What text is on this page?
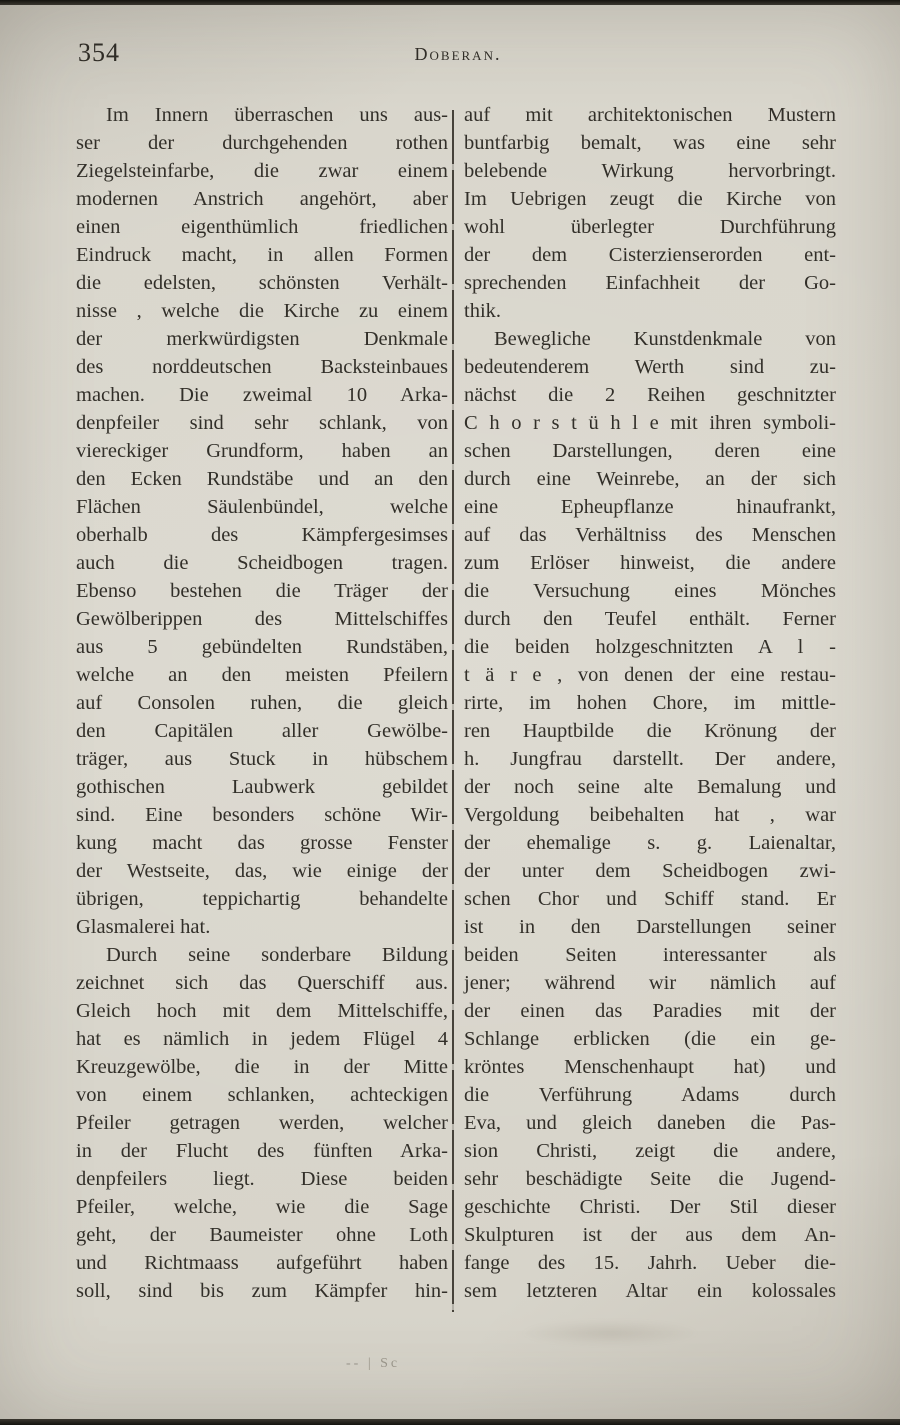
354	Doberan.
Im Innern überraschen uns aus-
ser der durchgehenden rothen
Ziegelsteinfarbe, die zwar einem
modernen Anstrich angehört, aber
einen eigenthümlich friedlichen
Eindruck macht, in allen Formen
die edelsten, schönsten Verhält-
nisse , welche die Kirche zu einem
der merkwürdigsten Denkmale
des norddeutschen Backsteinbaues
machen. Die zweimal 10 Arka-
denpfeiler sind sehr schlank, von
viereckiger Grundform, haben an
den Ecken Rundstäbe und an den
Flächen Säulenbündel, welche
oberhalb des Kämpfergesimses
auch die Scheidbogen tragen.
Ebenso bestehen die Träger der
Gewölberippen des Mittelschiffes
aus 5 gebündelten Rundstäben,
welche an den meisten Pfeilern
auf Consolen ruhen, die gleich
den Capitälen aller Gewölbe-
träger, aus Stuck in hübschem
gothischen Laubwerk gebildet
sind. Eine besonders schöne Wir-
kung macht das grosse Fenster
der Westseite, das, wie einige der
übrigen, teppichartig behandelte
Glasmalerei hat.
Durch seine sonderbare Bildung
zeichnet sich das Querschiff aus.
Gleich hoch mit dem Mittelschiffe,
hat es nämlich in jedem Flügel 4
Kreuzgewölbe, die in der Mitte
von einem schlanken, achteckigen
Pfeiler getragen werden, welcher
in der Flucht des fünften Arka-
denpfeilers liegt. Diese beiden
Pfeiler, welche, wie die Sage
geht, der Baumeister ohne Loth
und Richtmaass aufgeführt haben
soll, sind bis zum Kämpfer hin-
auf mit architektonischen Mustern
buntfarbig bemalt, was eine sehr
belebende Wirkung hervorbringt.
Im Uebrigen zeugt die Kirche von
wohl überlegter Durchführung
der dem Cisterzienserorden ent-
sprechenden Einfachheit der Go-
thik.
Bewegliche Kunstdenkmale von
bedeutenderem Werth sind zu-
nächst die 2 Reihen geschnitzter
C h o r s t ü h l e mit ihren symboli-
schen Darstellungen, deren eine
durch eine Weinrebe, an der sich
eine Epheupflanze hinaufrankt,
auf das Verhältniss des Menschen
zum Erlöser hinweist, die andere
die Versuchung eines Mönches
durch den Teufel enthält. Ferner
die beiden holzgeschnitzten A l -
t ä r e , von denen der eine restau-
rirte, im hohen Chore, im mittle-
ren Hauptbilde die Krönung der
h. Jungfrau darstellt. Der andere,
der noch seine alte Bemalung und
Vergoldung beibehalten hat , war
der ehemalige s. g. Laienaltar,
der unter dem Scheidbogen zwi-
schen Chor und Schiff stand. Er
ist in den Darstellungen seiner
beiden Seiten interessanter als
jener; während wir nämlich auf
der einen das Paradies mit der
Schlange erblicken (die ein ge-
kröntes Menschenhaupt hat) und
die Verführung Adams durch
Eva, und gleich daneben die Pas-
sion Christi, zeigt die andere,
sehr beschädigte Seite die Jugend-
geschichte Christi. Der Stil dieser
Skulpturen ist der aus dem An-
fange des 15. Jahrh. Ueber die-
sem letzteren Altar ein kolossales
-- | Sc
